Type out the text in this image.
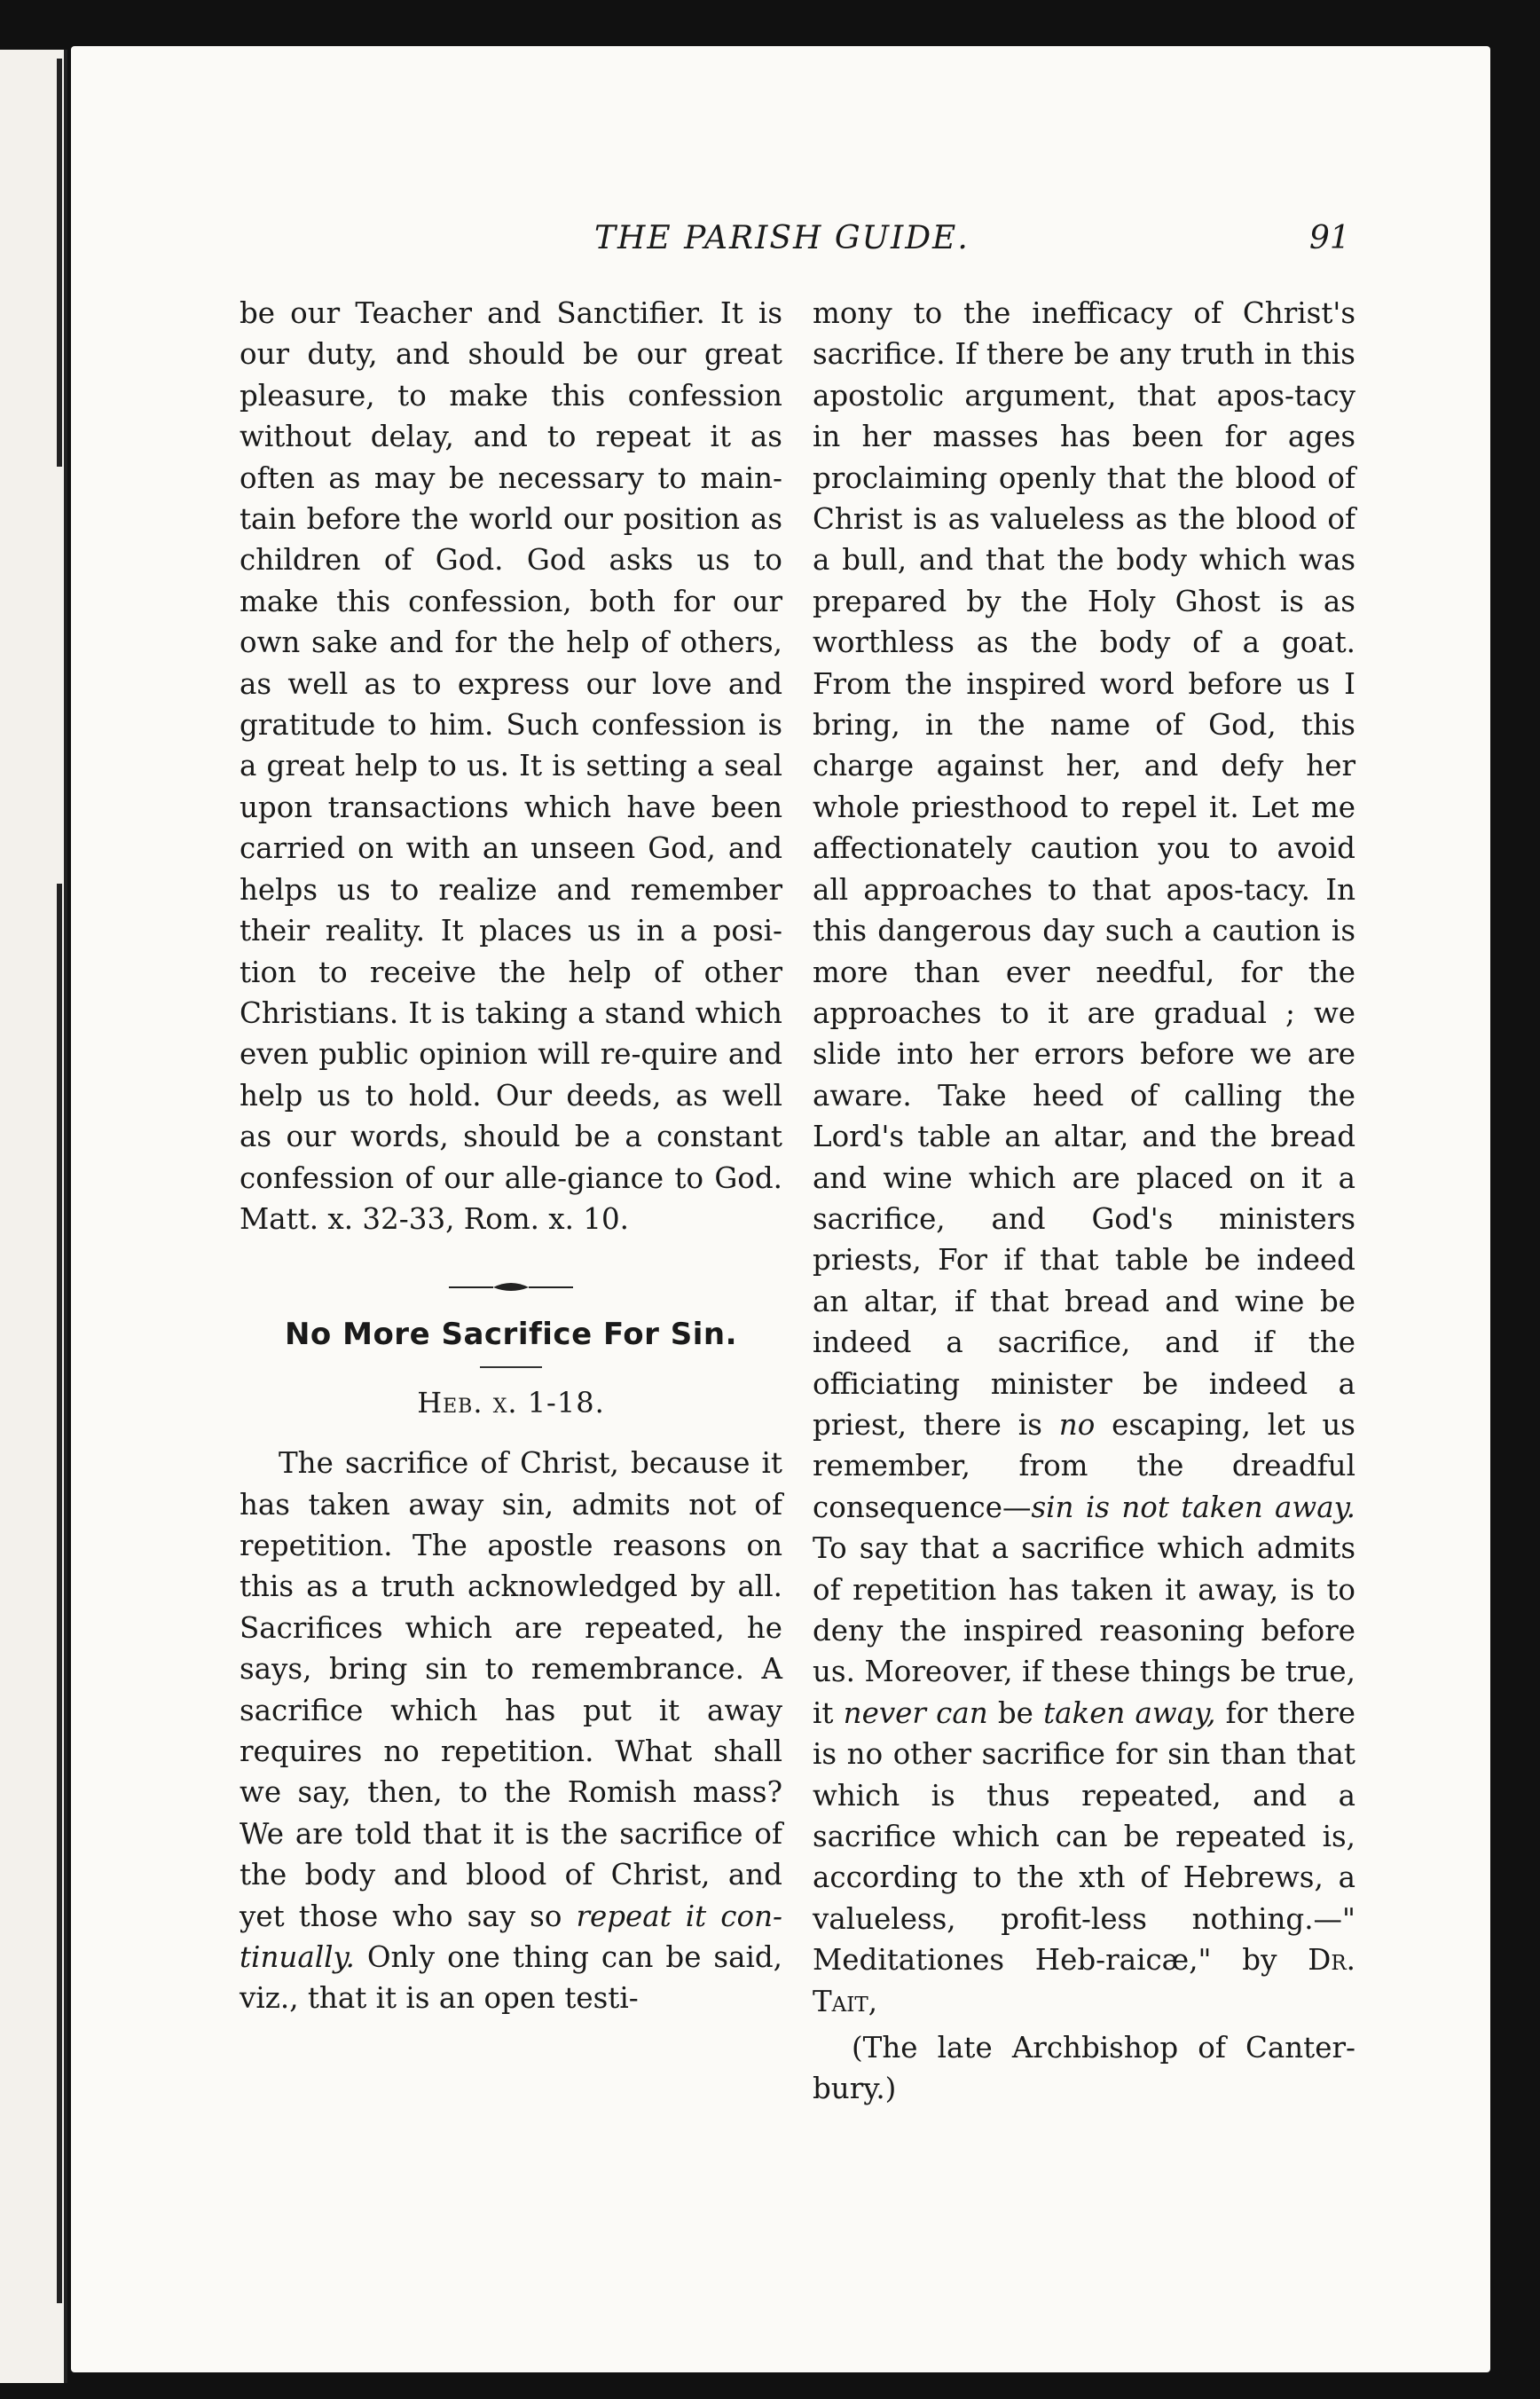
THE PARISH GUIDE.	91

be our Teacher and Sanctifier. It is our duty, and should be our great pleasure, to make this confession without delay, and to repeat it as often as may be necessary to main-tain before the world our position as children of God. God asks us to make this confession, both for our own sake and for the help of others, as well as to express our love and gratitude to him. Such confession is a great help to us. It is setting a seal upon transactions which have been carried on with an unseen God, and helps us to realize and remember their reality. It places us in a posi-tion to receive the help of other Christians. It is taking a stand which even public opinion will re-quire and help us to hold. Our deeds, as well as our words, should be a constant confession of our alle-giance to God. Matt. x. 32-33, Rom. x. 10.

No More Sacrifice For Sin.
Heb. x. 1-18.

The sacrifice of Christ, because it has taken away sin, admits not of repetition. The apostle reasons on this as a truth acknowledged by all. Sacrifices which are repeated, he says, bring sin to remembrance. A sacrifice which has put it away requires no repetition. What shall we say, then, to the Romish mass? We are told that it is the sacrifice of the body and blood of Christ, and yet those who say so repeat it con-tinually. Only one thing can be said, viz., that it is an open testi-

mony to the inefficacy of Christ's sacrifice. If there be any truth in this apostolic argument, that apos-tacy in her masses has been for ages proclaiming openly that the blood of Christ is as valueless as the blood of a bull, and that the body which was prepared by the Holy Ghost is as worthless as the body of a goat. From the inspired word before us I bring, in the name of God, this charge against her, and defy her whole priesthood to repel it. Let me affectionately caution you to avoid all approaches to that apos-tacy. In this dangerous day such a caution is more than ever needful, for the approaches to it are gradual ; we slide into her errors before we are aware. Take heed of calling the Lord's table an altar, and the bread and wine which are placed on it a sacrifice, and God's ministers priests, For if that table be indeed an altar, if that bread and wine be indeed a sacrifice, and if the officiating minister be indeed a priest, there is no escaping, let us remember, from the dreadful consequence—sin is not taken away. To say that a sacrifice which admits of repetition has taken it away, is to deny the inspired reasoning before us. Moreover, if these things be true, it never can be taken away, for there is no other sacrifice for sin than that which is thus repeated, and a sacrifice which can be repeated is, according to the xth of Hebrews, a valueless, profit-less nothing.—" Meditationes Heb-raicæ," by Dr. Tait,

(The late Archbishop of Canter-bury.)
